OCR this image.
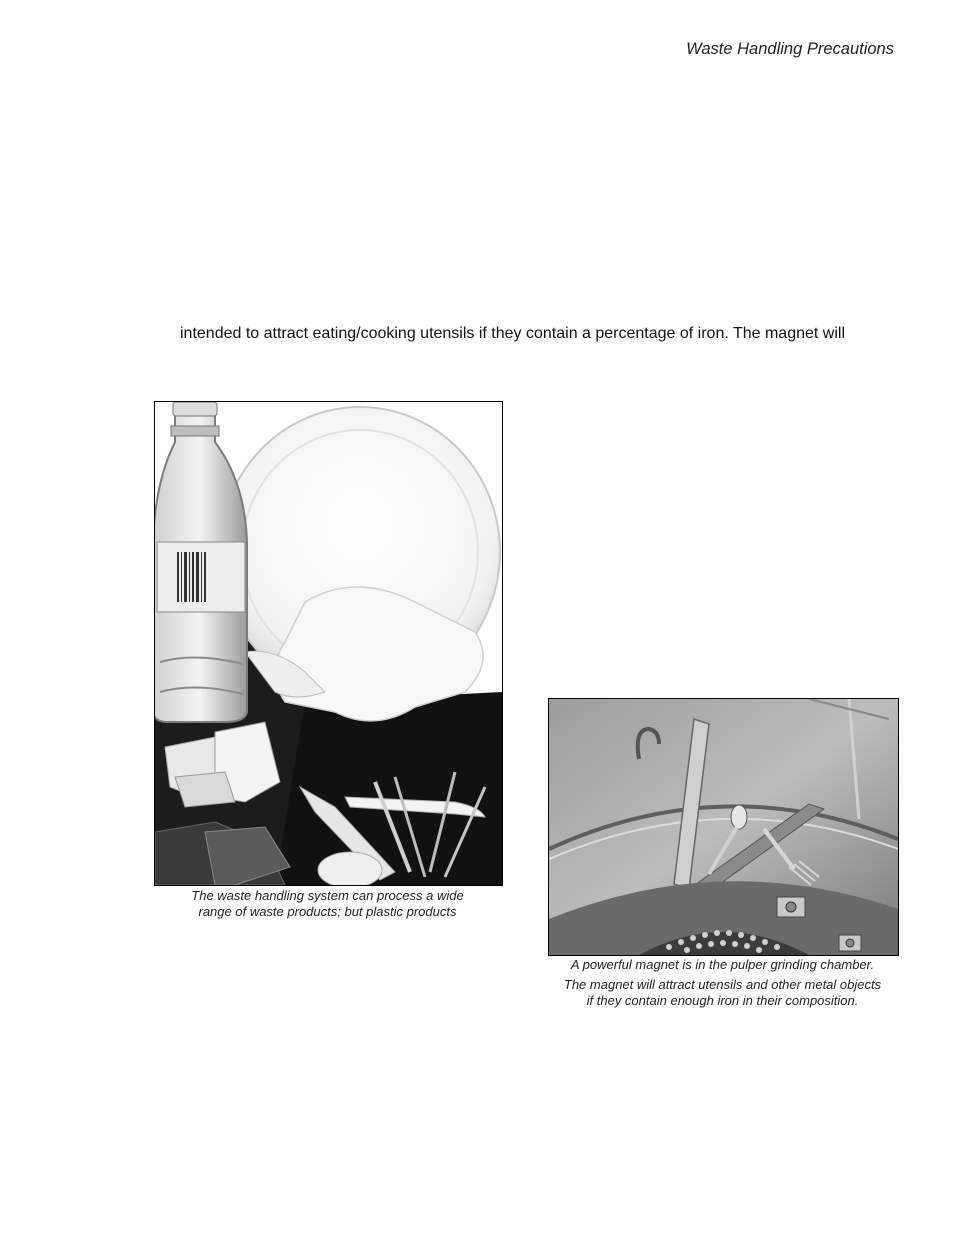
Waste Handling Precautions
intended to attract eating/cooking utensils if they contain a percentage of iron. The magnet will
The waste handling system can process a wide
range of waste products; but plastic products
A powerful magnet is in the pulper grinding chamber.
The magnet will attract utensils and other metal objects
if they contain enough iron in their composition.
